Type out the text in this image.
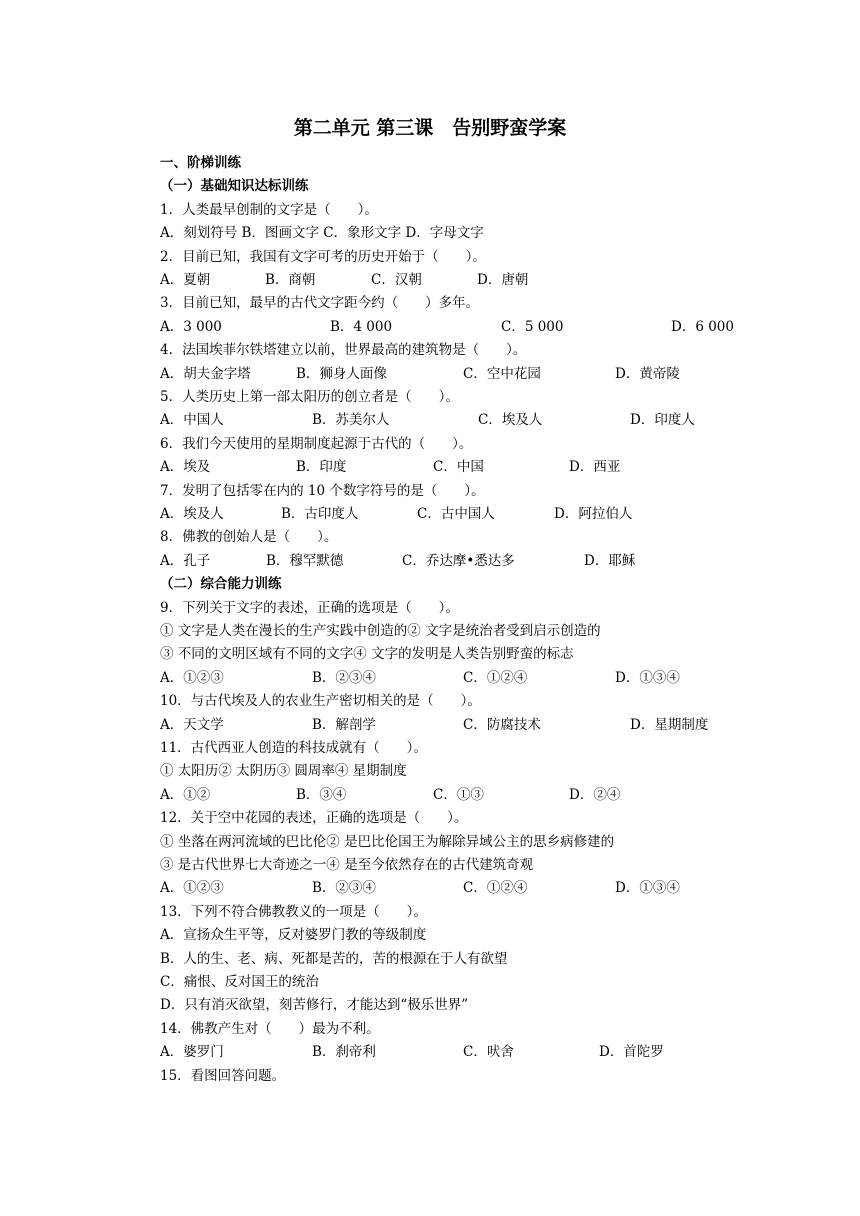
第二单元 第三课　告别野蛮学案
一、阶梯训练
（一）基础知识达标训练
1．人类最早创制的文字是（　　）。
A．刻划符号 B．图画文字 C．象形文字 D．字母文字
2．目前已知，我国有文字可考的历史开始于（　　）。
A．夏朝	B．商朝	C．汉朝	D．唐朝
3．目前已知，最早的古代文字距今约（　　）多年。
A．3 000	B．4 000	C．5 000	D．6 000
4．法国埃菲尔铁塔建立以前，世界最高的建筑物是（　　）。
A．胡夫金字塔	B．狮身人面像	C．空中花园	D．黄帝陵
5．人类历史上第一部太阳历的创立者是（　　）。
A．中国人	B．苏美尔人	C．埃及人	D．印度人
6．我们今天使用的星期制度起源于古代的（　　）。
A．埃及	B．印度	C．中国	D．西亚
7．发明了包括零在内的 10 个数字符号的是（　　）。
A．埃及人	B．古印度人	C．古中国人	D．阿拉伯人
8．佛教的创始人是（　　）。
A．孔子	B．穆罕默德	C．乔达摩•悉达多	D．耶稣
（二）综合能力训练
9．下列关于文字的表述，正确的选项是（　　）。
① 文字是人类在漫长的生产实践中创造的② 文字是统治者受到启示创造的
③ 不同的文明区域有不同的文字④ 文字的发明是人类告别野蛮的标志
A．①②③	B．②③④	C．①②④	D．①③④
10．与古代埃及人的农业生产密切相关的是（　　）。
A．天文学	B．解剖学	C．防腐技术	D．星期制度
11．古代西亚人创造的科技成就有（　　）。
① 太阳历② 太阴历③ 圆周率④ 星期制度
A．①②	B．③④	C．①③	D．②④
12．关于空中花园的表述，正确的选项是（　　）。
① 坐落在两河流域的巴比伦② 是巴比伦国王为解除异域公主的思乡病修建的
③ 是古代世界七大奇迹之一④ 是至今依然存在的古代建筑奇观
A．①②③	B．②③④	C．①②④	D．①③④
13．下列不符合佛教教义的一项是（　　）。
A．宣扬众生平等，反对婆罗门教的等级制度
B．人的生、老、病、死都是苦的，苦的根源在于人有欲望
C．痛恨、反对国王的统治
D．只有消灭欲望，刻苦修行，才能达到“极乐世界”
14．佛教产生对（　　）最为不利。
A．婆罗门	B．刹帝利	C．吠舍	D．首陀罗
15．看图回答问题。
